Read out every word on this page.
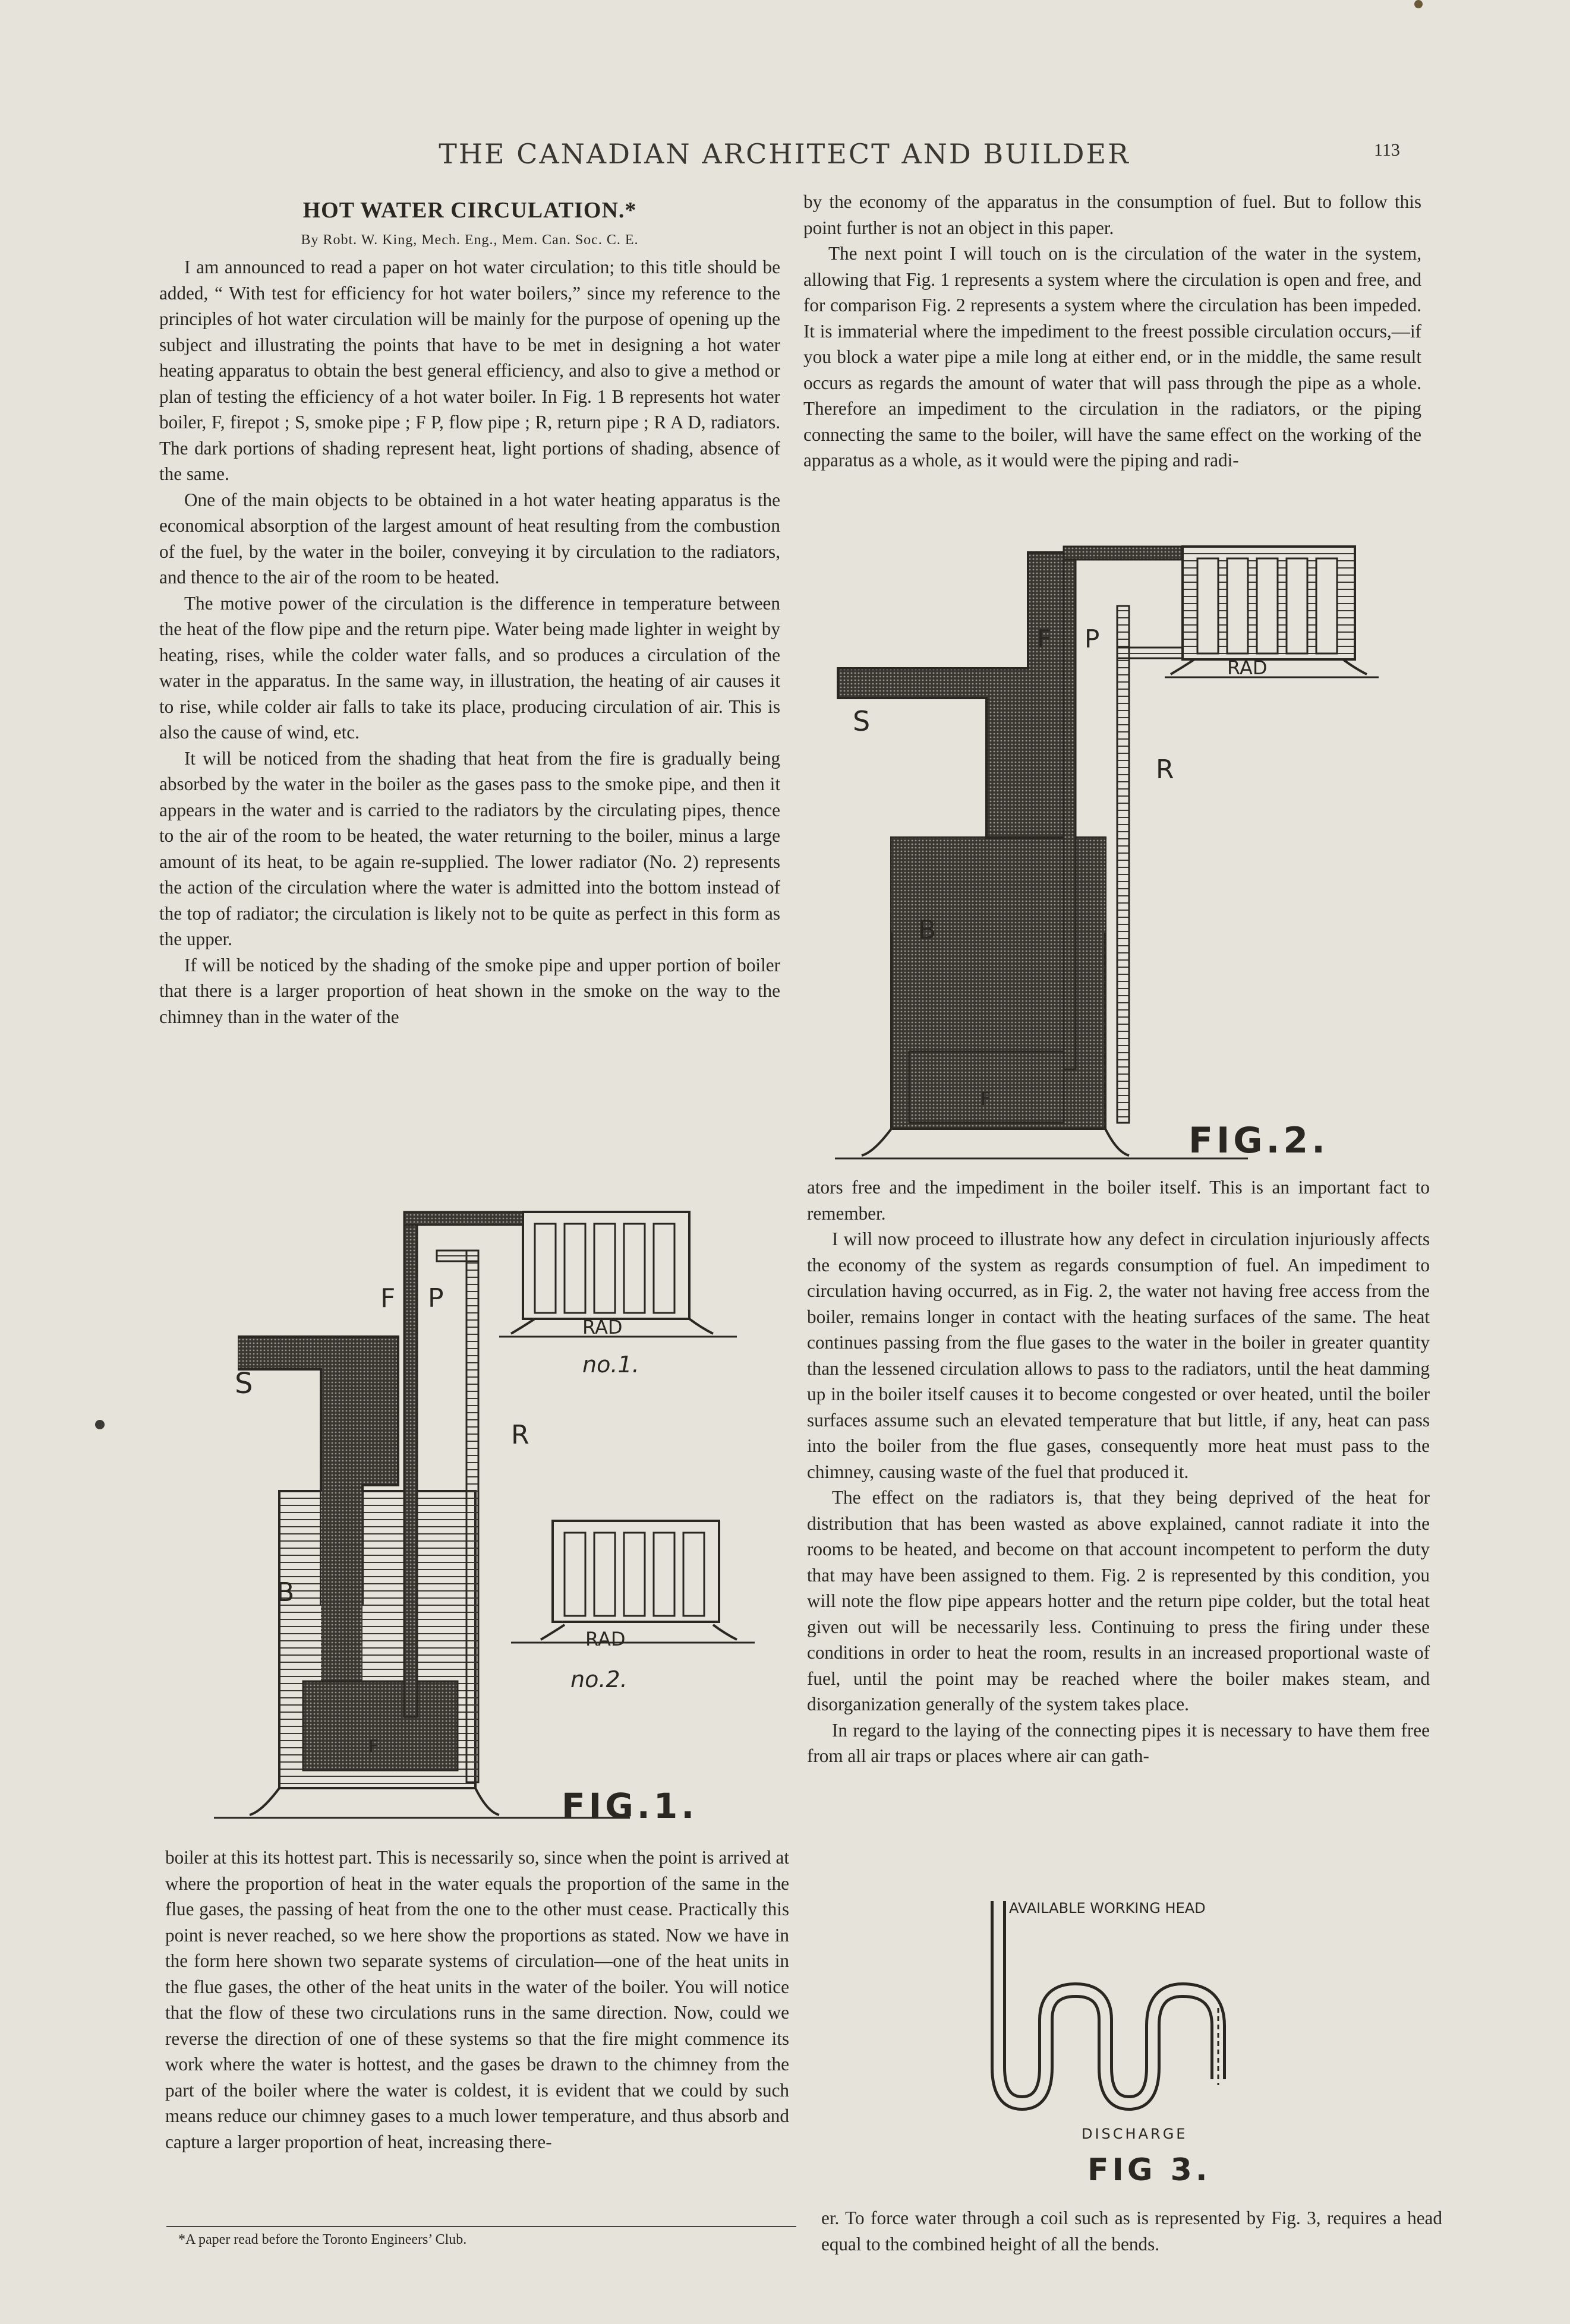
THE CANADIAN ARCHITECT AND BUILDER	113
HOT WATER CIRCULATION.*
By Robt. W. King, Mech. Eng., Mem. Can. Soc. C. E.

I am announced to read a paper on hot water circulation; to this title should be added, “ With test for efficiency for hot water boilers,” since my reference to the principles of hot water circulation will be mainly for the purpose of opening up the subject and illustrating the points that have to be met in designing a hot water heating apparatus to obtain the best general efficiency, and also to give a method or plan of testing the efficiency of a hot water boiler. In Fig. 1 B represents hot water boiler, F, firepot ; S, smoke pipe ; F P, flow pipe ; R, return pipe ; R A D, radiators. The dark portions of shading represent heat, light portions of shading, absence of the same.

One of the main objects to be obtained in a hot water heating apparatus is the economical absorption of the largest amount of heat resulting from the combustion of the fuel, by the water in the boiler, conveying it by circulation to the radiators, and thence to the air of the room to be heated.

The motive power of the circulation is the difference in temperature between the heat of the flow pipe and the return pipe. Water being made lighter in weight by heating, rises, while the colder water falls, and so produces a circulation of the water in the apparatus. In the same way, in illustration, the heating of air causes it to rise, while colder air falls to take its place, producing circulation of air. This is also the cause of wind, etc.

It will be noticed from the shading that heat from the fire is gradually being absorbed by the water in the boiler as the gases pass to the smoke pipe, and then it appears in the water and is carried to the radiators by the circulating pipes, thence to the air of the room to be heated, the water returning to the boiler, minus a large amount of its heat, to be again re-supplied. The lower radiator (No. 2) represents the action of the circulation where the water is admitted into the bottom instead of the top of radiator; the circulation is likely not to be quite as perfect in this form as the upper.

If will be noticed by the shading of the smoke pipe and upper portion of boiler that there is a larger proportion of heat shown in the smoke on the way to the chimney than in the water of the

S
B
F P
R
F
RAD
no.1.
RAD
no.2.
FIG.1.

boiler at this its hottest part. This is necessarily so, since when the point is arrived at where the proportion of heat in the water equals the proportion of the same in the flue gases, the passing of heat from the one to the other must cease. Practically this point is never reached, so we here show the proportions as stated. Now we have in the form here shown two separate systems of circulation—one of the heat units in the flue gases, the other of the heat units in the water of the boiler. You will notice that the flow of these two circulations runs in the same direction. Now, could we reverse the direction of one of these systems so that the fire might commence its work where the water is hottest, and the gases be drawn to the chimney from the part of the boiler where the water is coldest, it is evident that we could by such means reduce our chimney gases to a much lower temperature, and thus absorb and capture a larger proportion of heat, increasing there-

*A paper read before the Toronto Engineers’ Club.

by the economy of the apparatus in the consumption of fuel. But to follow this point further is not an object in this paper.

The next point I will touch on is the circulation of the water in the system, allowing that Fig. 1 represents a system where the circulation is open and free, and for comparison Fig. 2 represents a system where the circulation has been impeded. It is immaterial where the impediment to the freest possible circulation occurs,—if you block a water pipe a mile long at either end, or in the middle, the same result occurs as regards the amount of water that will pass through the pipe as a whole. Therefore an impediment to the circulation in the radiators, or the piping connecting the same to the boiler, will have the same effect on the working of the apparatus as a whole, as it would were the piping and radi-

S
B
F P
R
F
RAD
FIG.2.

ators free and the impediment in the boiler itself. This is an important fact to remember.

I will now proceed to illustrate how any defect in circulation injuriously affects the economy of the system as regards consumption of fuel. An impediment to circulation having occurred, as in Fig. 2, the water not having free access from the boiler, remains longer in contact with the heating surfaces of the same. The heat continues passing from the flue gases to the water in the boiler in greater quantity than the lessened circulation allows to pass to the radiators, until the heat damming up in the boiler itself causes it to become congested or over heated, until the boiler surfaces assume such an elevated temperature that but little, if any, heat can pass into the boiler from the flue gases, consequently more heat must pass to the chimney, causing waste of the fuel that produced it.

The effect on the radiators is, that they being deprived of the heat for distribution that has been wasted as above explained, cannot radiate it into the rooms to be heated, and become on that account incompetent to perform the duty that may have been assigned to them. Fig. 2 is represented by this condition, you will note the flow pipe appears hotter and the return pipe colder, but the total heat given out will be necessarily less. Continuing to press the firing under these conditions in order to heat the room, results in an increased proportional waste of fuel, until the point may be reached where the boiler makes steam, and disorganization generally of the system takes place.

In regard to the laying of the connecting pipes it is necessary to have them free from all air traps or places where air can gath-

AVAILABLE WORKING HEAD
DISCHARGE
FIG 3.

er. To force water through a coil such as is represented by Fig. 3, requires a head equal to the combined height of all the bends.
